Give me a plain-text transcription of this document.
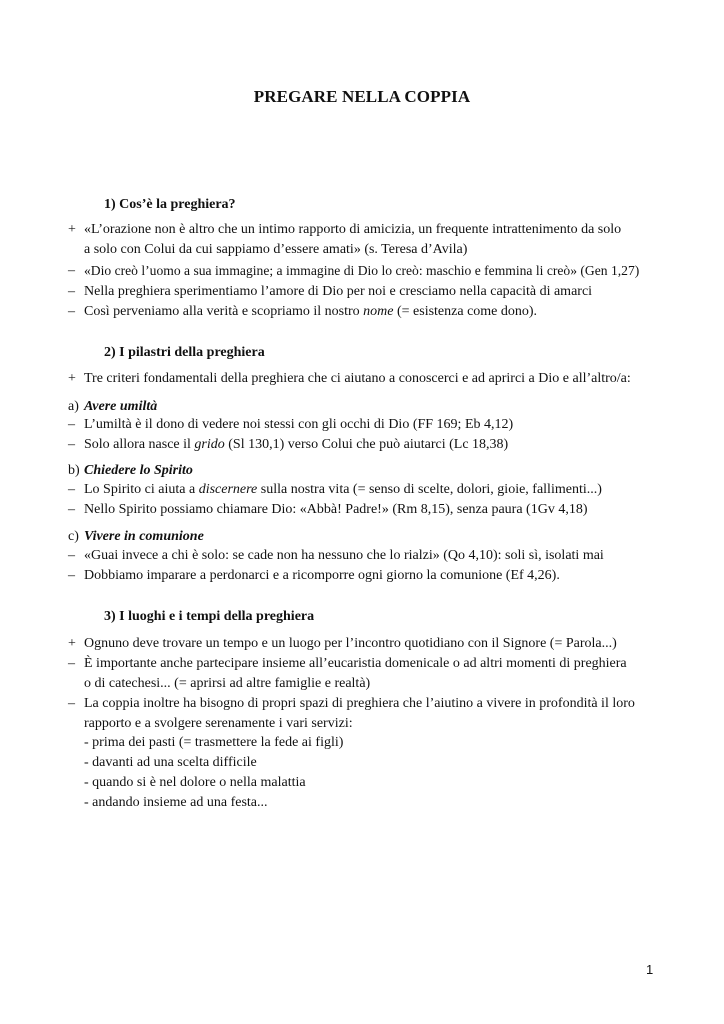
PREGARE NELLA COPPIA
1) Cos’è la preghiera?
+ «L’orazione non è altro che un intimo rapporto di amicizia, un frequente intrattenimento da solo
a solo con Colui da cui sappiamo d’essere amati» (s. Teresa d’Avila)
– «Dio creò l’uomo a sua immagine; a immagine di Dio lo creò: maschio e femmina li creò» (Gen 1,27)
– Nella preghiera sperimentiamo l’amore di Dio per noi e cresciamo nella capacità di amarci
– Così perveniamo alla verità e scopriamo il nostro nome (= esistenza come dono).
2) I pilastri della preghiera
+ Tre criteri fondamentali della preghiera che ci aiutano a conoscerci e ad aprirci a Dio e all’altro/a:
a) Avere umiltà
– L’umiltà è il dono di vedere noi stessi con gli occhi di Dio (FF 169; Eb 4,12)
– Solo allora nasce il grido (Sl 130,1) verso Colui che può aiutarci (Lc 18,38)
b) Chiedere lo Spirito
– Lo Spirito ci aiuta a discernere sulla nostra vita (= senso di scelte, dolori, gioie, fallimenti...)
– Nello Spirito possiamo chiamare Dio: «Abbà! Padre!» (Rm 8,15), senza paura (1Gv 4,18)
c) Vivere in comunione
– «Guai invece a chi è solo: se cade non ha nessuno che lo rialzi» (Qo 4,10): soli sì, isolati mai
– Dobbiamo imparare a perdonarci e a ricomporre ogni giorno la comunione (Ef 4,26).
3) I luoghi e i tempi della preghiera
+ Ognuno deve trovare un tempo e un luogo per l’incontro quotidiano con il Signore (= Parola...)
– È importante anche partecipare insieme all’eucaristia domenicale o ad altri momenti di preghiera
o di catechesi... (= aprirsi ad altre famiglie e realtà)
– La coppia inoltre ha bisogno di propri spazi di preghiera che l’aiutino a vivere in profondità il loro
rapporto e a svolgere serenamente i vari servizi:
- prima dei pasti (= trasmettere la fede ai figli)
- davanti ad una scelta difficile
- quando si è nel dolore o nella malattia
- andando insieme ad una festa...
1
